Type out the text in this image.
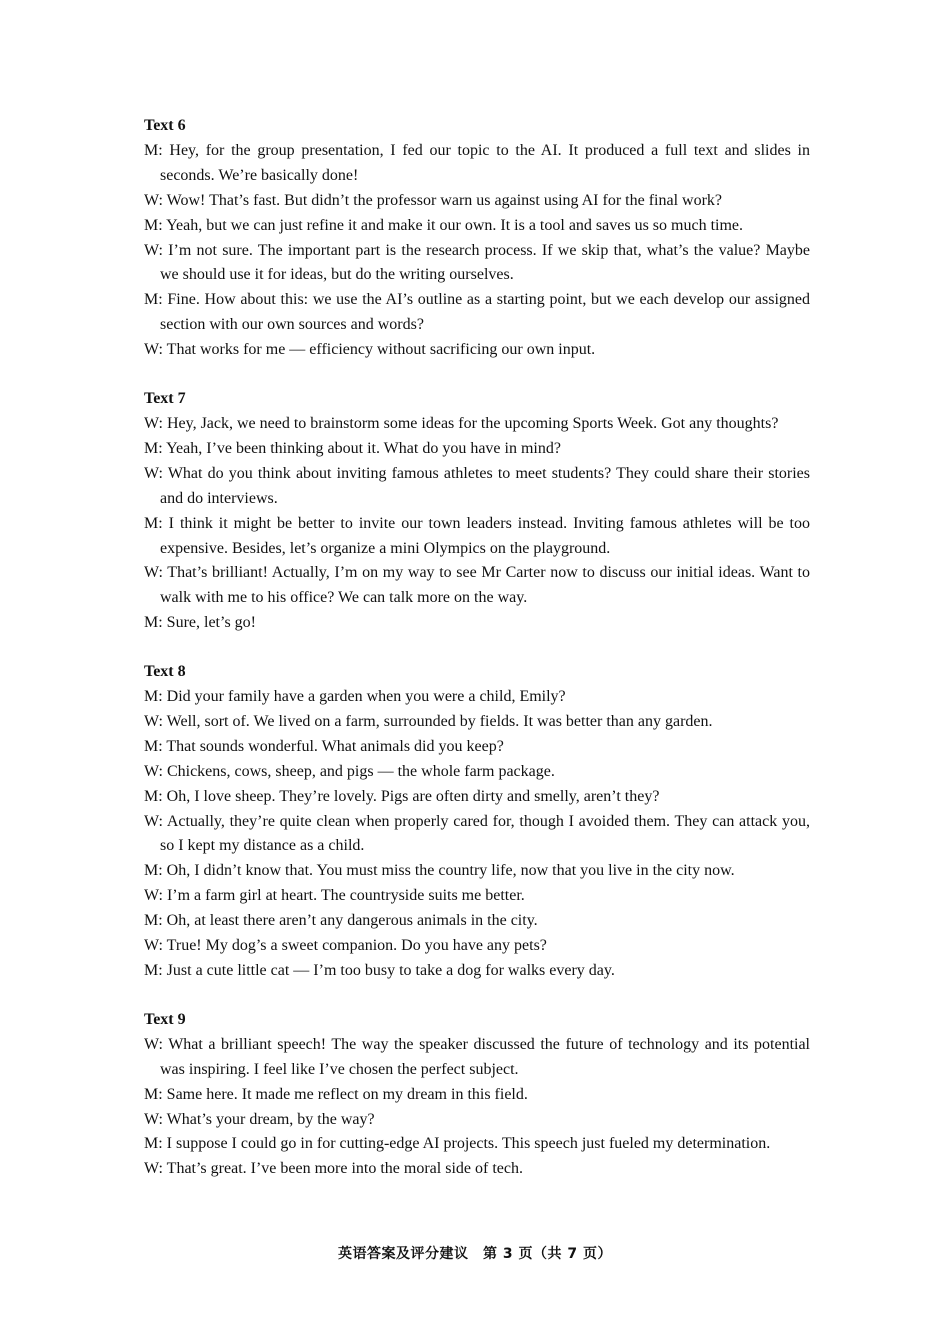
Text 6

M: Hey, for the group presentation, I fed our topic to the AI. It produced a full text and slides in seconds. We’re basically done!

W: Wow! That’s fast. But didn’t the professor warn us against using AI for the final work?

M: Yeah, but we can just refine it and make it our own. It is a tool and saves us so much time.

W: I’m not sure. The important part is the research process. If we skip that, what’s the value? Maybe we should use it for ideas, but do the writing ourselves.

M: Fine. How about this: we use the AI’s outline as a starting point, but we each develop our assigned section with our own sources and words?

W: That works for me — efficiency without sacrificing our own input.

Text 7

W: Hey, Jack, we need to brainstorm some ideas for the upcoming Sports Week. Got any thoughts?

M: Yeah, I’ve been thinking about it. What do you have in mind?

W: What do you think about inviting famous athletes to meet students? They could share their stories and do interviews.

M: I think it might be better to invite our town leaders instead. Inviting famous athletes will be too expensive. Besides, let’s organize a mini Olympics on the playground.

W: That’s brilliant! Actually, I’m on my way to see Mr Carter now to discuss our initial ideas. Want to walk with me to his office? We can talk more on the way.

M: Sure, let’s go!

Text 8

M: Did your family have a garden when you were a child, Emily?

W: Well, sort of. We lived on a farm, surrounded by fields. It was better than any garden.

M: That sounds wonderful. What animals did you keep?

W: Chickens, cows, sheep, and pigs — the whole farm package.

M: Oh, I love sheep. They’re lovely. Pigs are often dirty and smelly, aren’t they?

W: Actually, they’re quite clean when properly cared for, though I avoided them. They can attack you, so I kept my distance as a child.

M: Oh, I didn’t know that. You must miss the country life, now that you live in the city now.

W: I’m a farm girl at heart. The countryside suits me better.

M: Oh, at least there aren’t any dangerous animals in the city.

W: True! My dog’s a sweet companion. Do you have any pets?

M: Just a cute little cat — I’m too busy to take a dog for walks every day.

Text 9

W: What a brilliant speech! The way the speaker discussed the future of technology and its potential was inspiring. I feel like I’ve chosen the perfect subject.

M: Same here. It made me reflect on my dream in this field.

W: What’s your dream, by the way?

M: I suppose I could go in for cutting-edge AI projects. This speech just fueled my determination.

W: That’s great. I’ve been more into the moral side of tech.

英语答案及评分建议　第 3 页（共 7 页）
